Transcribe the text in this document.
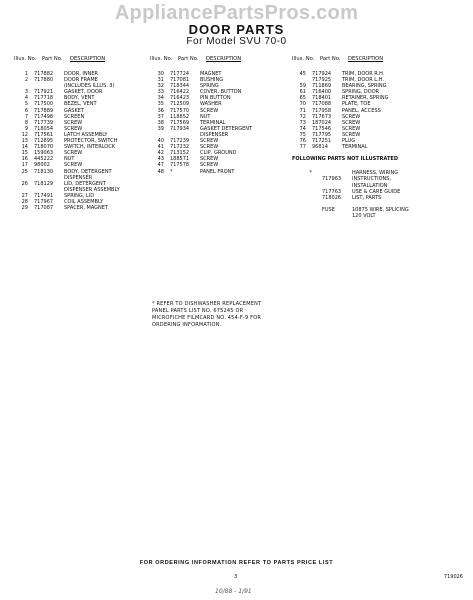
AppliancePartsPros.com
DOOR PARTS
For Model SVU 70-0
Illus. No.	Part No.	DESCRIPTION
1	717882	DOOR, INNER
2	717880	DOOR FRAME
(INCLUDES ILLUS. 3)
3	717921	GASKET, DOOR
4	717718	BODY, VENT
5	717500	BEZEL, VENT
6	717889	GASKET
7	717498	SCREEN
8	717739	SCREW
9	718054	SCREW
12	717561	LATCH ASSEMBLY
13	712895	PROTECTOR, SWITCH
14	718070	SWITCH, INTERLOCK
15	159063	SCREW
16	445222	NUT
17	98002	SCREW
25	718130	BODY, DETERGENT
DISPENSER
26	718129	LID, DETERGENT
DISPENSER ASSEMBLY
27	717491	SPRING, LID
28	717967	COIL ASSEMBLY
29	717087	SPACER, MAGNET
Illus. No.	Part No.	DESCRIPTION
30	717724	MAGNET
31	717081	BUSHING
32	718344	SPRING
33	716422	COVER, BUTTON
34	716423	PIN BUTTON
35	712509	WASHER
36	717570	SCREW
37	118852	NUT
38	717569	TERMINAL
39	717934	GASKET DETERGENT
DISPENSER
40	717239	SCREW
41	717232	SCREW
42	713152	CLIP, GROUND
43	188571	SCREW
47	717578	SCREW
48	*	PANEL FRONT
Illus. No.	Part No.	DESCRIPTION
45	717924	TRIM, DOOR R.H.
717925	TRIM, DOOR L.H.
59	711869	BEARING, SPRING
61	716400	SPRING, DOOR
65	718401	RETAINER, SPRING
70	717088	PLATE, TOE
71	717958	PANEL, ACCESS
72	717673	SCREW
73	187024	SCREW
74	717546	SCREW
75	717795	SCREW
76	717251	PLUG
77	96814	TERMINAL
FOLLOWING PARTS NOT ILLUSTRATED
*	HARNESS, WIRING
717963	INSTRUCTIONS,
INSTALLATION
717763	USE & CARE GUIDE
718026	LIST, PARTS
FUSE	10875 WIRE, SPLICING
120 VOLT
* REFER TO DISHWASHER REPLACEMENT
PANEL PARTS LIST NO. 675245 OR
MICROFICHE FILMCARD NO. 454-F-9 FOR
ORDERING INFORMATION.
FOR ORDERING INFORMATION REFER TO PARTS PRICE LIST
3	719026
10/88 - 1/91
